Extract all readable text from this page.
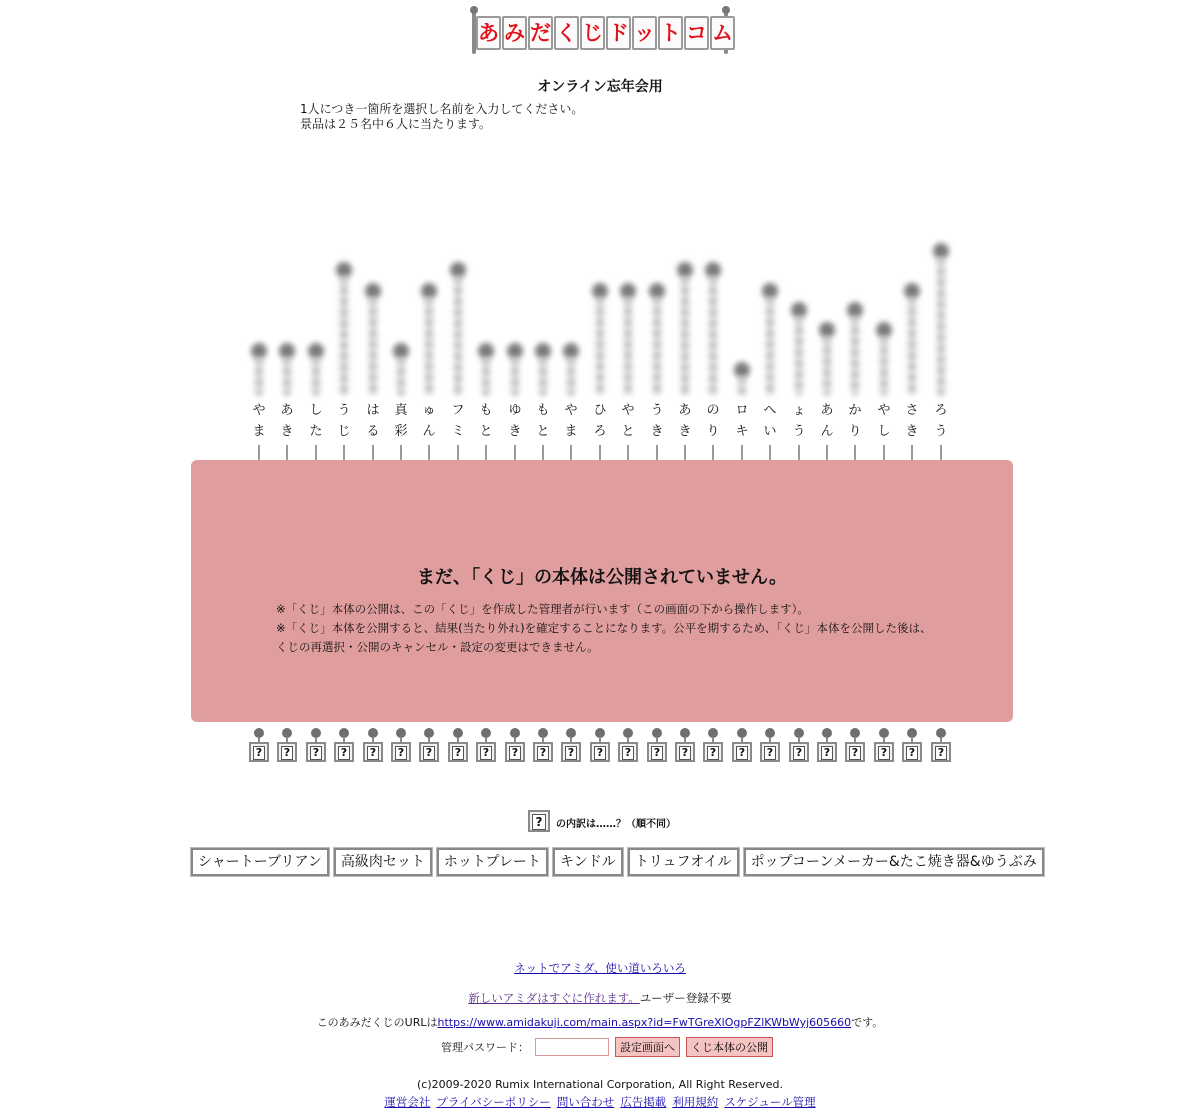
あ み だ く じ ド ッ ト コ ム
オンライン忘年会用
1人につき一箇所を選択し名前を入力してください。
景品は２５名中６人に当たります。
や
ま
あ
き
し
た
う
じ
は
る
真
彩
ゅ
ん
フ
ミ
も
と
ゆ
き
も
と
や
ま
ひ
ろ
や
と
う
き
あ
き
の
り
ロ
キ
へ
い
ょ
う
あ
ん
か
り
や
し
さ
き
ろ
う
まだ、「くじ」の本体は公開されていません。
※「くじ」本体の公開は、この「くじ」を作成した管理者が行います（この画面の下から操作します）。
※「くじ」本体を公開すると、結果(当たり外れ)を確定することになります。公平を期するため、「くじ」本体を公開した後は、くじの再選択・公開のキャンセル・設定の変更はできません。
? ? ? ? ? ? ? ? ? ? ? ? ? ? ? ? ? ? ? ? ? ? ? ? ?
?	の内訳は……？（順不同）
シャートーブリアン	高級肉セット	ホットプレート	キンドル	トリュフオイル	ポップコーンメーカー&たこ焼き器&ゆうぶみ
ネットでアミダ、使い道いろいろ
新しいアミダはすぐに作れます。ユーザー登録不要
このあみだくじのURLはhttps://www.amidakuji.com/main.aspx?id=FwTGreXlOgpFZlKWbWyj605660です。
管理パスワード：	設定画面へ	くじ本体の公開
(c)2009-2020 Rumix International Corporation, All Right Reserved.
運営会社 プライバシーポリシー 問い合わせ 広告掲載 利用規約 スケジュール管理
